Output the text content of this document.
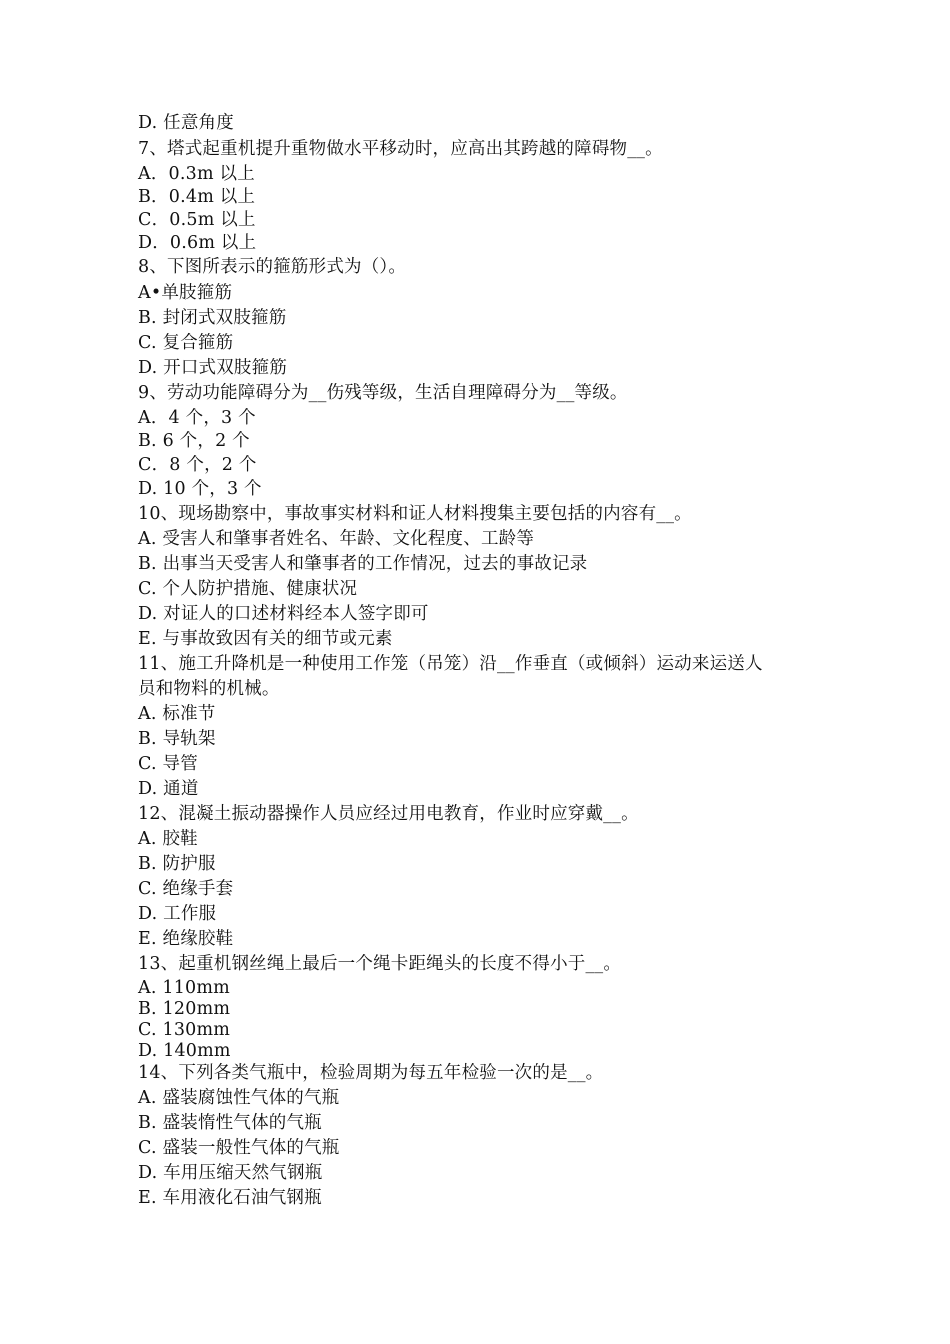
D. 任意角度
7、塔式起重机提升重物做水平移动时，应高出其跨越的障碍物__。
A．0.3m 以上
B．0.4m 以上
C．0.5m 以上
D．0.6m 以上
8、下图所表示的箍筋形式为（）。
A•单肢箍筋
B. 封闭式双肢箍筋
C. 复合箍筋
D. 开口式双肢箍筋
9、劳动功能障碍分为__伤残等级，生活自理障碍分为__等级。
A．4 个，3 个
B. 6 个，2 个
C．8 个，2 个
D. 10 个，3 个
10、现场勘察中，事故事实材料和证人材料搜集主要包括的内容有__。
A. 受害人和肇事者姓名、年龄、文化程度、工龄等
B. 出事当天受害人和肇事者的工作情况，过去的事故记录
C. 个人防护措施、健康状况
D. 对证人的口述材料经本人签字即可
E. 与事故致因有关的细节或元素
11、施工升降机是一种使用工作笼（吊笼）沿__作垂直（或倾斜）运动来运送人
员和物料的机械。
A. 标准节
B. 导轨架
C. 导管
D. 通道
12、混凝土振动器操作人员应经过用电教育，作业时应穿戴__。
A. 胶鞋
B. 防护服
C. 绝缘手套
D. 工作服
E. 绝缘胶鞋
13、起重机钢丝绳上最后一个绳卡距绳头的长度不得小于__。
A. 110mm
B. 120mm
C. 130mm
D. 140mm
14、下列各类气瓶中，检验周期为每五年检验一次的是__。
A. 盛装腐蚀性气体的气瓶
B. 盛装惰性气体的气瓶
C. 盛装一般性气体的气瓶
D. 车用压缩天然气钢瓶
E. 车用液化石油气钢瓶
